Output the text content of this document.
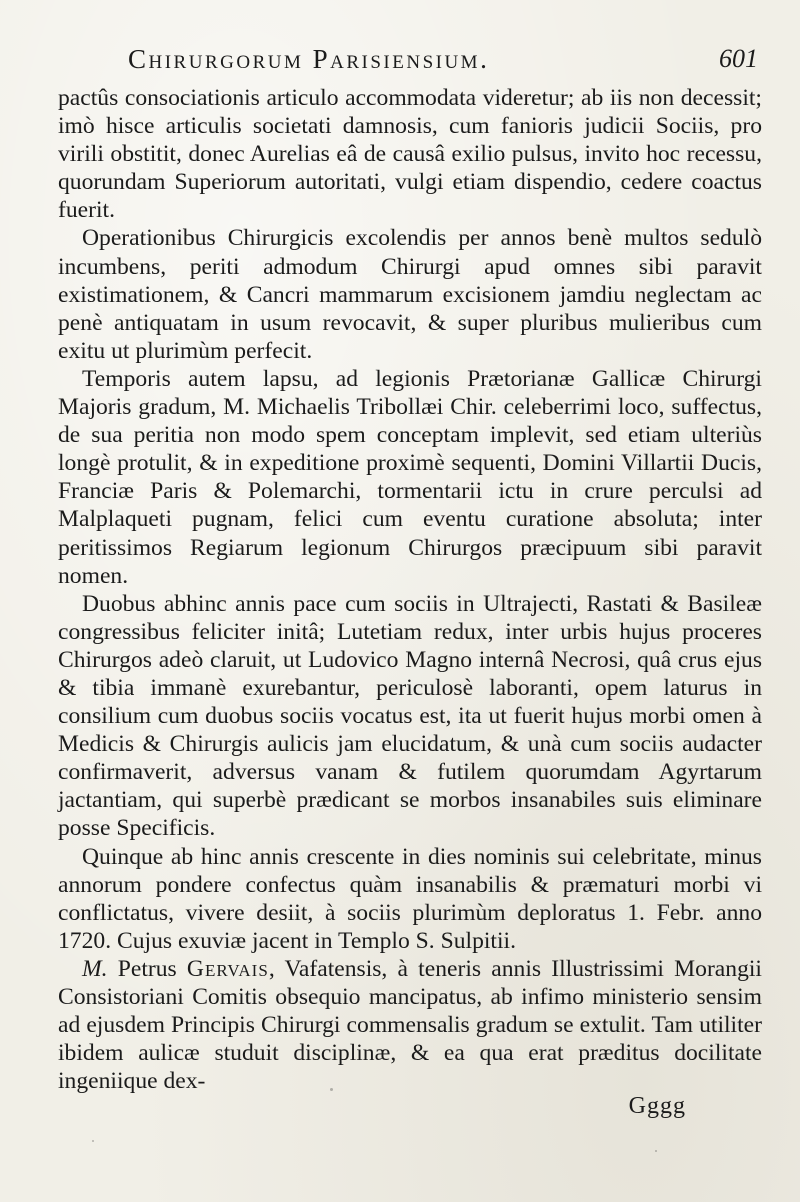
Chirurgorum Parisiensium.	601

pactûs consociationis articulo accommodata videretur; ab iis non decessit; imò hisce articulis societati damnosis, cum fanioris judicii Sociis, pro virili obstitit, donec Aurelias eâ de causâ exilio pulsus, invito hoc recessu, quorundam Superiorum autoritati, vulgi etiam dispendio, cedere coactus fuerit.

Operationibus Chirurgicis excolendis per annos benè multos sedulò incumbens, periti admodum Chirurgi apud omnes sibi paravit existimationem, & Cancri mammarum excisionem jamdiu neglectam ac penè antiquatam in usum revocavit, & super pluribus mulieribus cum exitu ut plurimùm perfecit.

Temporis autem lapsu, ad legionis Prætorianæ Gallicæ Chirurgi Majoris gradum, M. Michaelis Tribollæi Chir. celeberrimi loco, suffectus, de sua peritia non modo spem conceptam implevit, sed etiam ulteriùs longè protulit, & in expeditione proximè sequenti, Domini Villartii Ducis, Franciæ Paris & Polemarchi, tormentarii ictu in crure perculsi ad Malplaqueti pugnam, felici cum eventu curatione absoluta; inter peritissimos Regiarum legionum Chirurgos præcipuum sibi paravit nomen.

Duobus abhinc annis pace cum sociis in Ultrajecti, Rastati & Basileæ congressibus feliciter initâ; Lutetiam redux, inter urbis hujus proceres Chirurgos adeò claruit, ut Ludovico Magno internâ Necrosi, quâ crus ejus & tibia immanè exurebantur, periculosè laboranti, opem laturus in consilium cum duobus sociis vocatus est, ita ut fuerit hujus morbi omen à Medicis & Chirurgis aulicis jam elucidatum, & unà cum sociis audacter confirmaverit, adversus vanam & futilem quorumdam Agyrtarum jactantiam, qui superbè prædicant se morbos insanabiles suis eliminare posse Specificis.

Quinque ab hinc annis crescente in dies nominis sui celebritate, minus annorum pondere confectus quàm insanabilis & præmaturi morbi vi conflictatus, vivere desiit, à sociis plurimùm deploratus 1. Febr. anno 1720. Cujus exuviæ jacent in Templo S. Sulpitii.

M. Petrus Gervais, Vafatensis, à teneris annis Illustrissimi Morangii Consistoriani Comitis obsequio mancipatus, ab infimo ministerio sensim ad ejusdem Principis Chirurgi commensalis gradum se extulit. Tam utiliter ibidem aulicæ studuit disciplinæ, & ea qua erat præditus docilitate ingeniique dex-

Gggg
